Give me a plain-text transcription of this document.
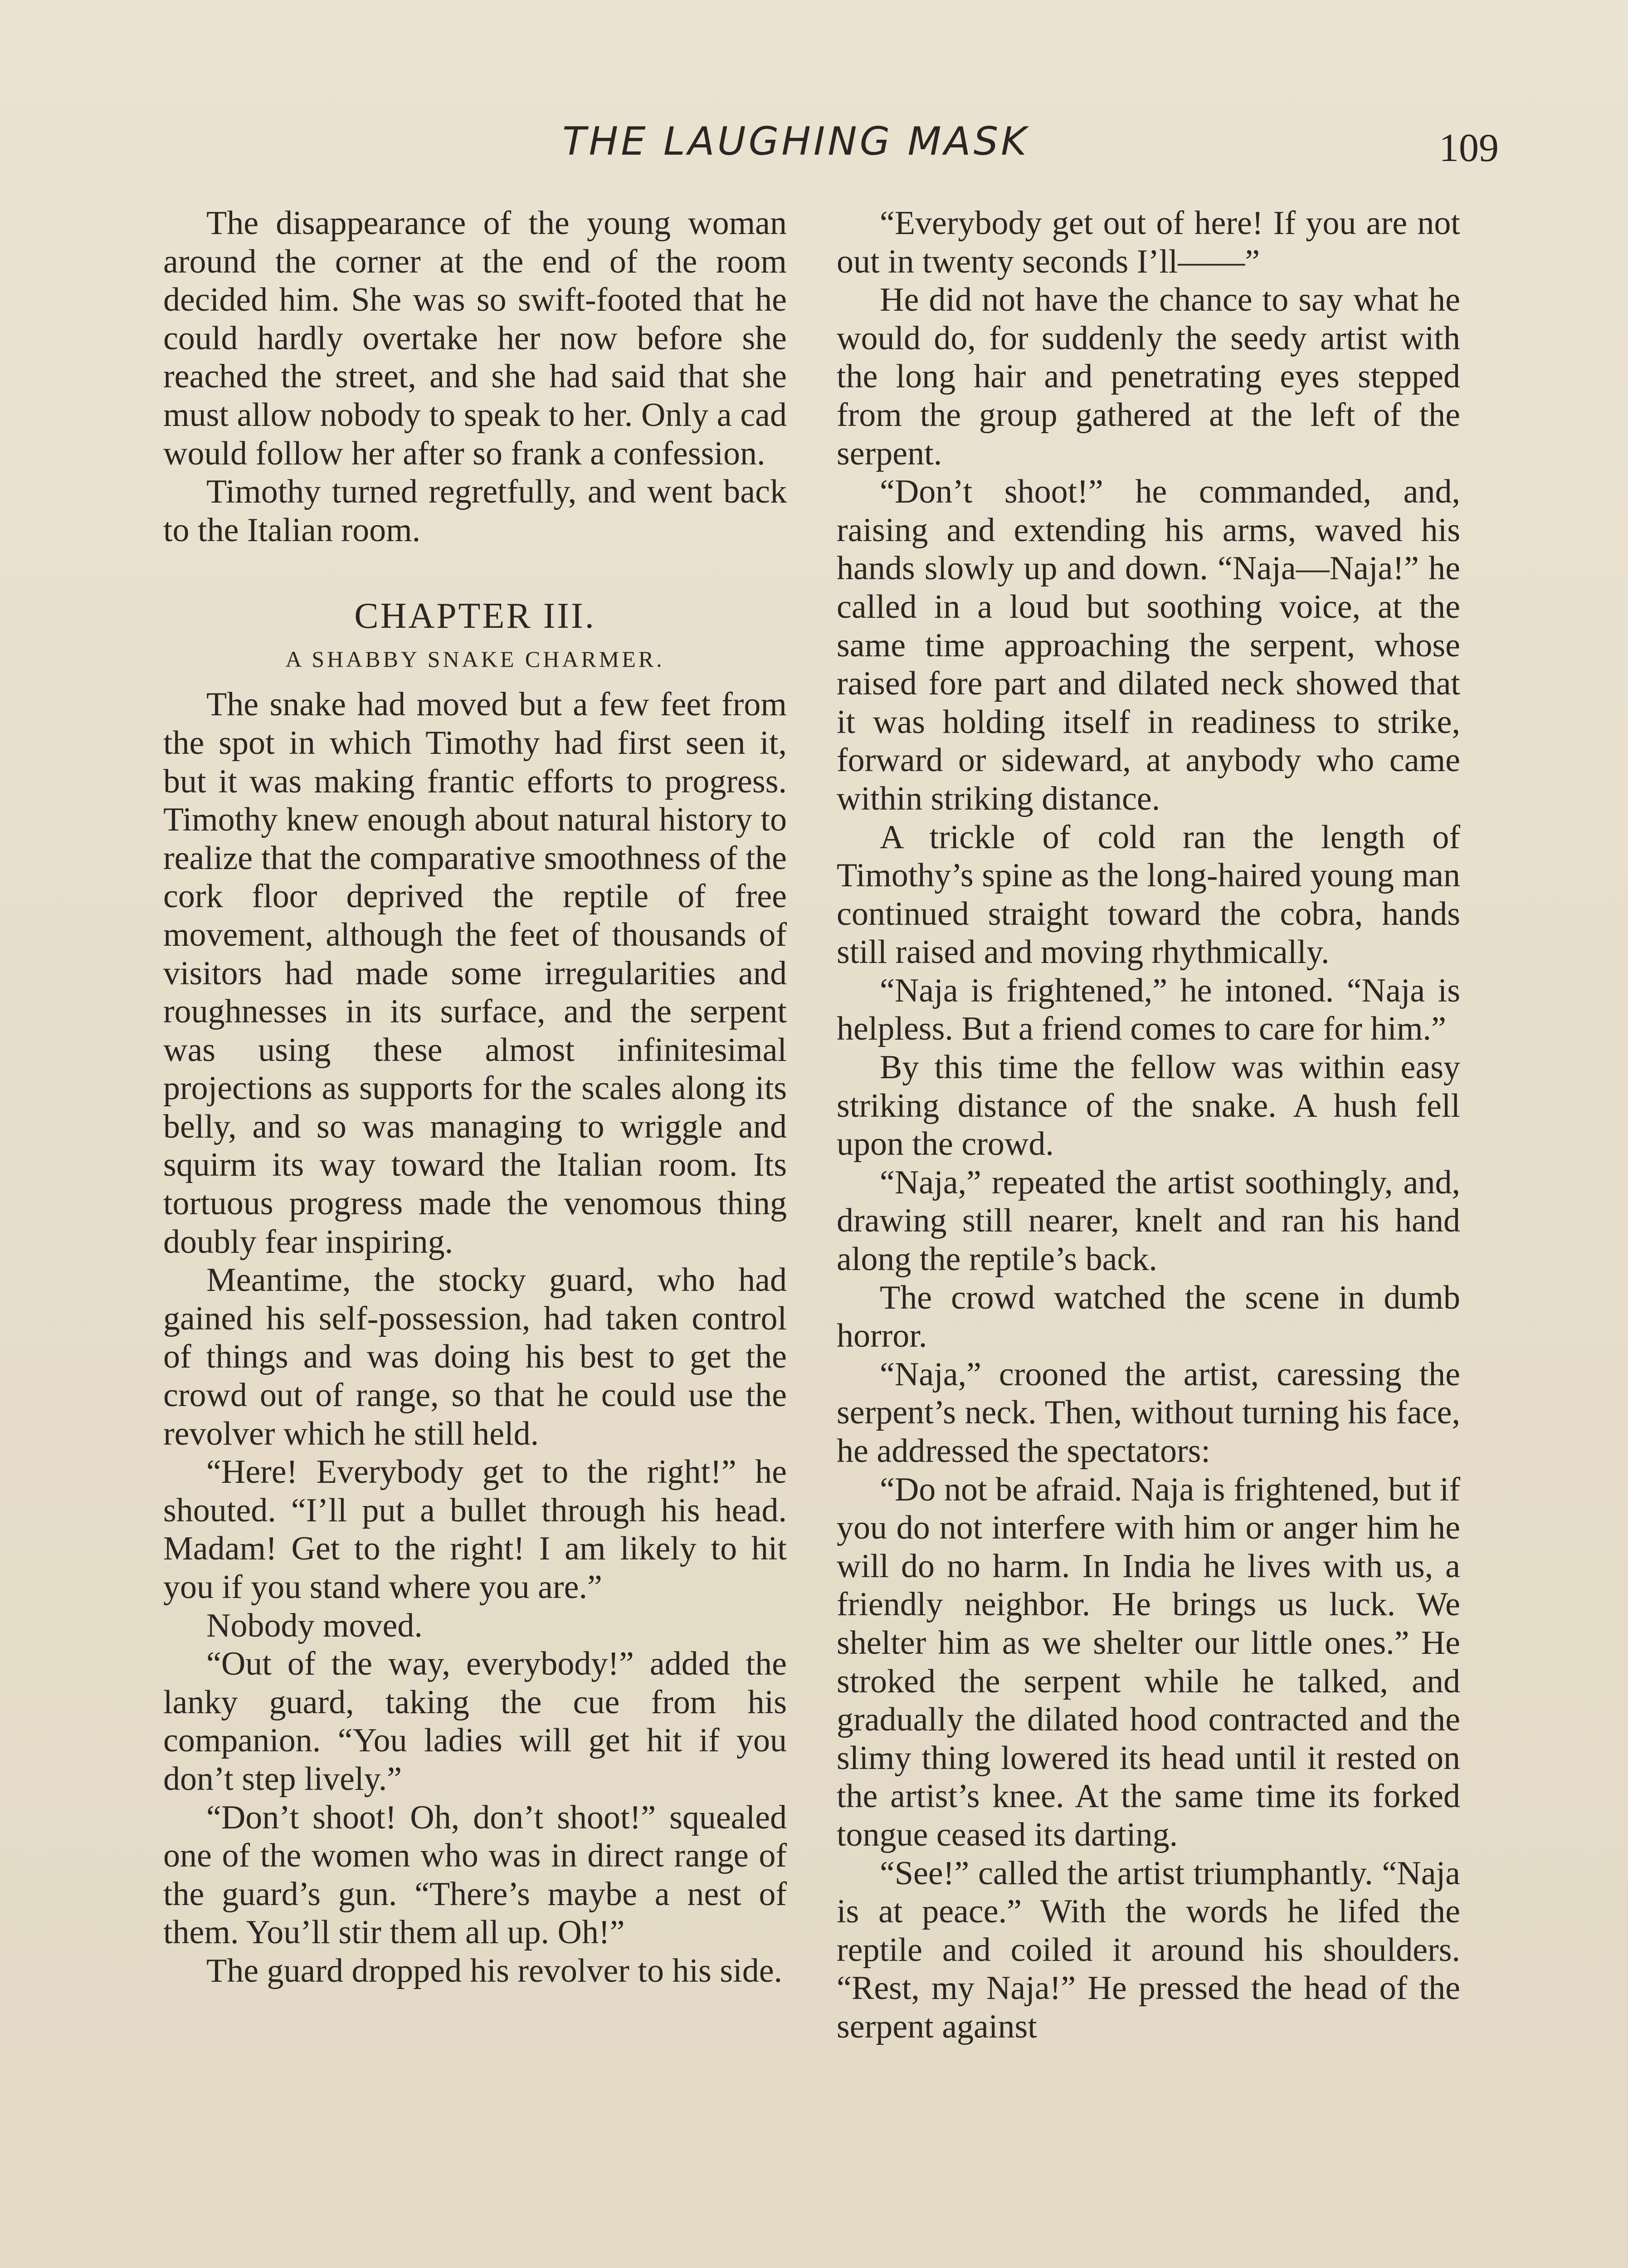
THE LAUGHING MASK	109

The disappearance of the young woman around the corner at the end of the room decided him. She was so swift-footed that he could hardly overtake her now before she reached the street, and she had said that she must allow nobody to speak to her. Only a cad would follow her after so frank a confession.

Timothy turned regretfully, and went back to the Italian room.

CHAPTER III.
A SHABBY SNAKE CHARMER.

The snake had moved but a few feet from the spot in which Timothy had first seen it, but it was making frantic efforts to progress. Timothy knew enough about natural history to realize that the comparative smoothness of the cork floor deprived the reptile of free movement, although the feet of thousands of visitors had made some irregularities and roughnesses in its surface, and the serpent was using these almost infinitesimal projections as supports for the scales along its belly, and so was managing to wriggle and squirm its way toward the Italian room. Its tortuous progress made the venomous thing doubly fear inspiring.

Meantime, the stocky guard, who had gained his self-possession, had taken control of things and was doing his best to get the crowd out of range, so that he could use the revolver which he still held.

“Here! Everybody get to the right!” he shouted. “I’ll put a bullet through his head. Madam! Get to the right! I am likely to hit you if you stand where you are.”

Nobody moved.

“Out of the way, everybody!” added the lanky guard, taking the cue from his companion. “You ladies will get hit if you don’t step lively.”

“Don’t shoot! Oh, don’t shoot!” squealed one of the women who was in direct range of the guard’s gun. “There’s maybe a nest of them. You’ll stir them all up. Oh!”

The guard dropped his revolver to his side.

“Everybody get out of here! If you are not out in twenty seconds I’ll——”

He did not have the chance to say what he would do, for suddenly the seedy artist with the long hair and penetrating eyes stepped from the group gathered at the left of the serpent.

“Don’t shoot!” he commanded, and, raising and extending his arms, waved his hands slowly up and down. “Naja—Naja!” he called in a loud but soothing voice, at the same time approaching the serpent, whose raised fore part and dilated neck showed that it was holding itself in readiness to strike, forward or sideward, at anybody who came within striking distance.

A trickle of cold ran the length of Timothy’s spine as the long-haired young man continued straight toward the cobra, hands still raised and moving rhythmically.

“Naja is frightened,” he intoned. “Naja is helpless. But a friend comes to care for him.”

By this time the fellow was within easy striking distance of the snake. A hush fell upon the crowd.

“Naja,” repeated the artist soothingly, and, drawing still nearer, knelt and ran his hand along the reptile’s back.

The crowd watched the scene in dumb horror.

“Naja,” crooned the artist, caressing the serpent’s neck. Then, without turning his face, he addressed the spectators:

“Do not be afraid. Naja is frightened, but if you do not interfere with him or anger him he will do no harm. In India he lives with us, a friendly neighbor. He brings us luck. We shelter him as we shelter our little ones.” He stroked the serpent while he talked, and gradually the dilated hood contracted and the slimy thing lowered its head until it rested on the artist’s knee. At the same time its forked tongue ceased its darting.

“See!” called the artist triumphantly. “Naja is at peace.” With the words he lifed the reptile and coiled it around his shoulders. “Rest, my Naja!” He pressed the head of the serpent against
